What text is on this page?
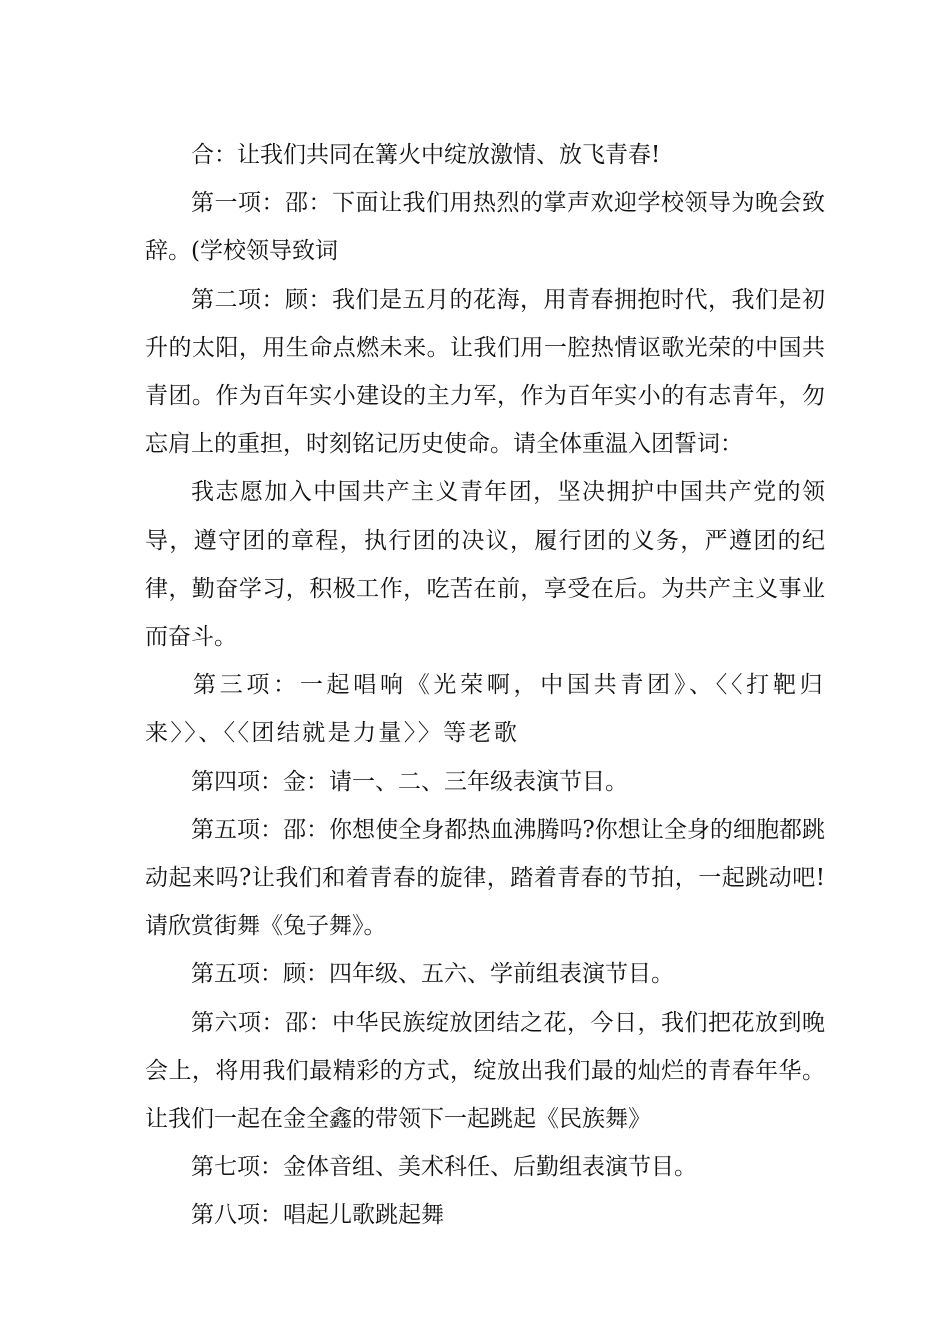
合：让我们共同在篝火中绽放激情、放飞青春!

第一项：邵：下面让我们用热烈的掌声欢迎学校领导为晚会致辞。(学校领导致词

第二项：顾：我们是五月的花海，用青春拥抱时代，我们是初升的太阳，用生命点燃未来。让我们用一腔热情讴歌光荣的中国共青团。作为百年实小建设的主力军，作为百年实小的有志青年，勿忘肩上的重担，时刻铭记历史使命。请全体重温入团誓词：

我志愿加入中国共产主义青年团，坚决拥护中国共产党的领导，遵守团的章程，执行团的决议，履行团的义务，严遵团的纪律，勤奋学习，积极工作，吃苦在前，享受在后。为共产主义事业而奋斗。

第三项：一起唱响《光荣啊，中国共青团》、〈〈打靶归来〉〉、〈〈团结就是力量〉〉等老歌

第四项：金：请一、二、三年级表演节目。

第五项：邵：你想使全身都热血沸腾吗?你想让全身的细胞都跳动起来吗?让我们和着青春的旋律，踏着青春的节拍，一起跳动吧!请欣赏街舞《兔子舞》。

第五项：顾：四年级、五六、学前组表演节目。

第六项：邵：中华民族绽放团结之花，今日，我们把花放到晚会上，将用我们最精彩的方式，绽放出我们最的灿烂的青春年华。让我们一起在金全鑫的带领下一起跳起《民族舞》

第七项：金体音组、美术科任、后勤组表演节目。

第八项：唱起儿歌跳起舞
